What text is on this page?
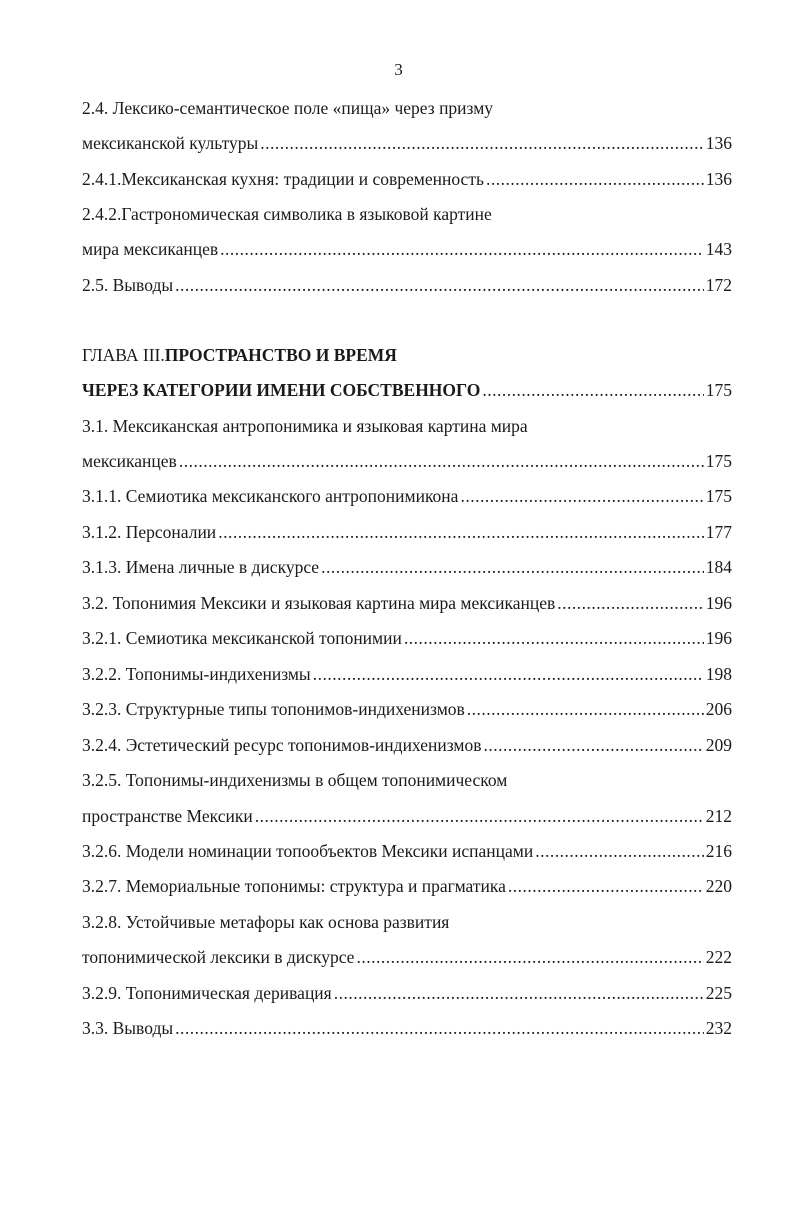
3
2.4. Лексико-семантическое поле «пища» через призму
мексиканской культуры .....	136
2.4.1.Мексиканская кухня: традиции и современность .....	136
2.4.2.Гастрономическая символика в языковой картине
мира мексиканцев .....	143
2.5. Выводы .....	172
ГЛАВА III. ПРОСТРАНСТВО И ВРЕМЯ
ЧЕРЕЗ КАТЕГОРИИ ИМЕНИ СОБСТВЕННОГО .....	175
3.1. Мексиканская антропонимика и языковая картина мира
мексиканцев .....	175
3.1.1. Семиотика мексиканского антропонимикона .....	175
3.1.2. Персоналии .....	177
3.1.3. Имена личные в дискурсе .....	184
3.2. Топонимия Мексики и языковая картина мира мексиканцев .....	196
3.2.1. Семиотика мексиканской топонимии .....	196
3.2.2. Топонимы-индихенизмы .....	198
3.2.3. Структурные типы топонимов-индихенизмов .....	206
3.2.4. Эстетический ресурс топонимов-индихенизмов .....	209
3.2.5. Топонимы-индихенизмы в общем топонимическом
пространстве Мексики .....	212
3.2.6. Модели номинации топообъектов Мексики испанцами .....	216
3.2.7. Мемориальные топонимы: структура и прагматика .....	220
3.2.8. Устойчивые метафоры как основа развития
топонимической лексики в дискурсе .....	222
3.2.9. Топонимическая деривация .....	225
3.3. Выводы .....	232
